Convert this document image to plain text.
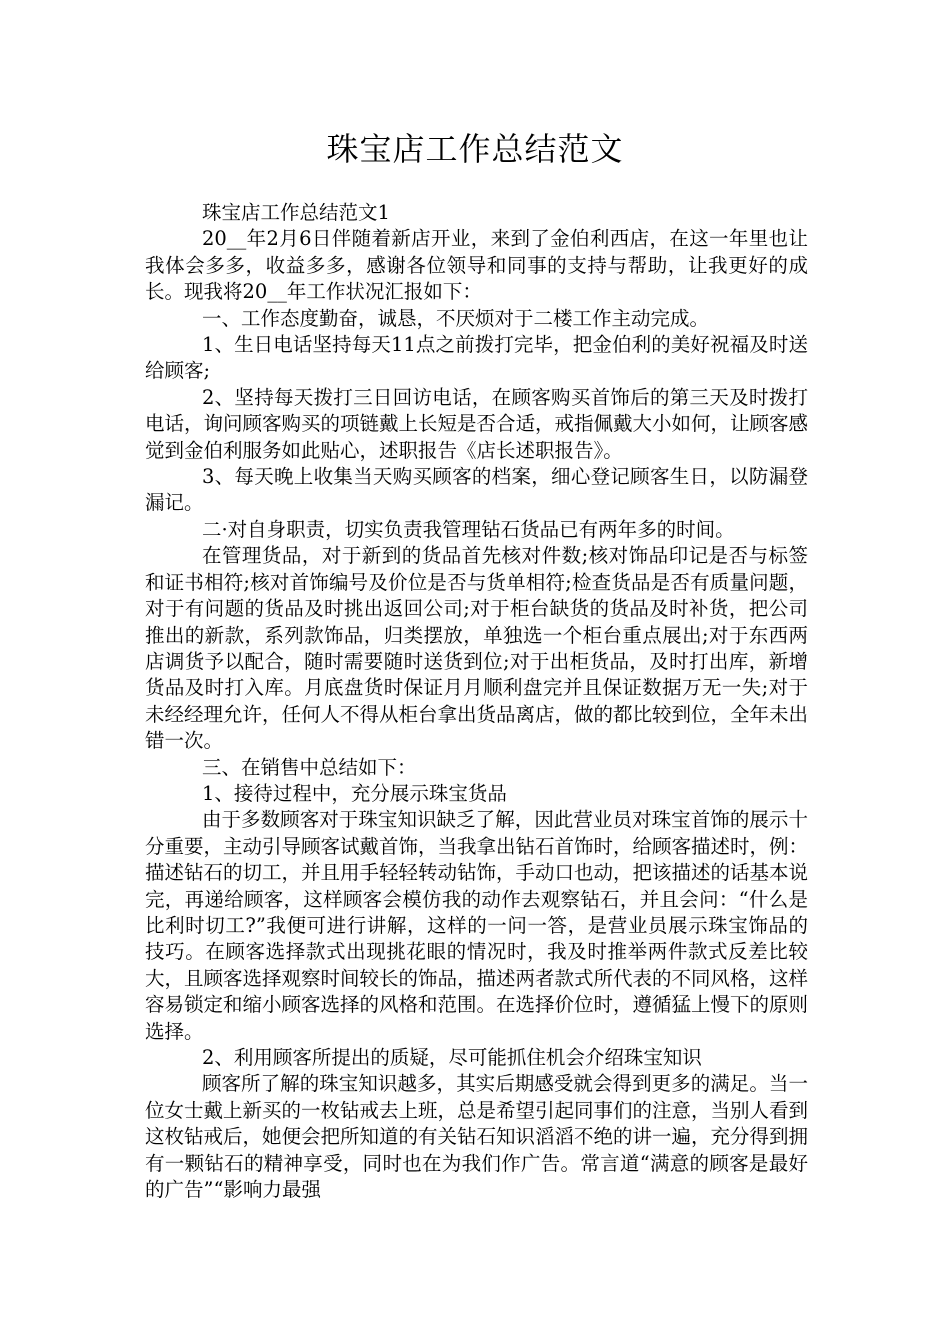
珠宝店工作总结范文

珠宝店工作总结范文1

20__年2月6日伴随着新店开业，来到了金伯利西店，在这一年里也让我体会多多，收益多多，感谢各位领导和同事的支持与帮助，让我更好的成长。现我将20__年工作状况汇报如下：

一、工作态度勤奋，诚恳，不厌烦对于二楼工作主动完成。

1、生日电话坚持每天11点之前拨打完毕，把金伯利的美好祝福及时送给顾客;

2、坚持每天拨打三日回访电话，在顾客购买首饰后的第三天及时拨打电话，询问顾客购买的项链戴上长短是否合适，戒指佩戴大小如何，让顾客感觉到金伯利服务如此贴心，述职报告《店长述职报告》。

3、每天晚上收集当天购买顾客的档案，细心登记顾客生日，以防漏登漏记。

二·对自身职责，切实负责我管理钻石货品已有两年多的时间。

在管理货品，对于新到的货品首先核对件数;核对饰品印记是否与标签和证书相符;核对首饰编号及价位是否与货单相符;检查货品是否有质量问题，对于有问题的货品及时挑出返回公司;对于柜台缺货的货品及时补货，把公司推出的新款，系列款饰品，归类摆放，单独选一个柜台重点展出;对于东西两店调货予以配合，随时需要随时送货到位;对于出柜货品，及时打出库，新增货品及时打入库。月底盘货时保证月月顺利盘完并且保证数据万无一失;对于未经经理允许，任何人不得从柜台拿出货品离店，做的都比较到位，全年未出错一次。

三、在销售中总结如下：

1、接待过程中，充分展示珠宝货品

由于多数顾客对于珠宝知识缺乏了解，因此营业员对珠宝首饰的展示十分重要，主动引导顾客试戴首饰，当我拿出钻石首饰时，给顾客描述时，例：描述钻石的切工，并且用手轻轻转动钻饰，手动口也动，把该描述的话基本说完，再递给顾客，这样顾客会模仿我的动作去观察钻石，并且会问：“什么是比利时切工?”我便可进行讲解，这样的一问一答，是营业员展示珠宝饰品的技巧。在顾客选择款式出现挑花眼的情况时，我及时推举两件款式反差比较大，且顾客选择观察时间较长的饰品，描述两者款式所代表的不同风格，这样容易锁定和缩小顾客选择的风格和范围。在选择价位时，遵循猛上慢下的原则选择。

2、利用顾客所提出的质疑，尽可能抓住机会介绍珠宝知识

顾客所了解的珠宝知识越多，其实后期感受就会得到更多的满足。当一位女士戴上新买的一枚钻戒去上班，总是希望引起同事们的注意，当别人看到这枚钻戒后，她便会把所知道的有关钻石知识滔滔不绝的讲一遍，充分得到拥有一颗钻石的精神享受，同时也在为我们作广告。常言道“满意的顾客是最好的广告”“影响力最强
